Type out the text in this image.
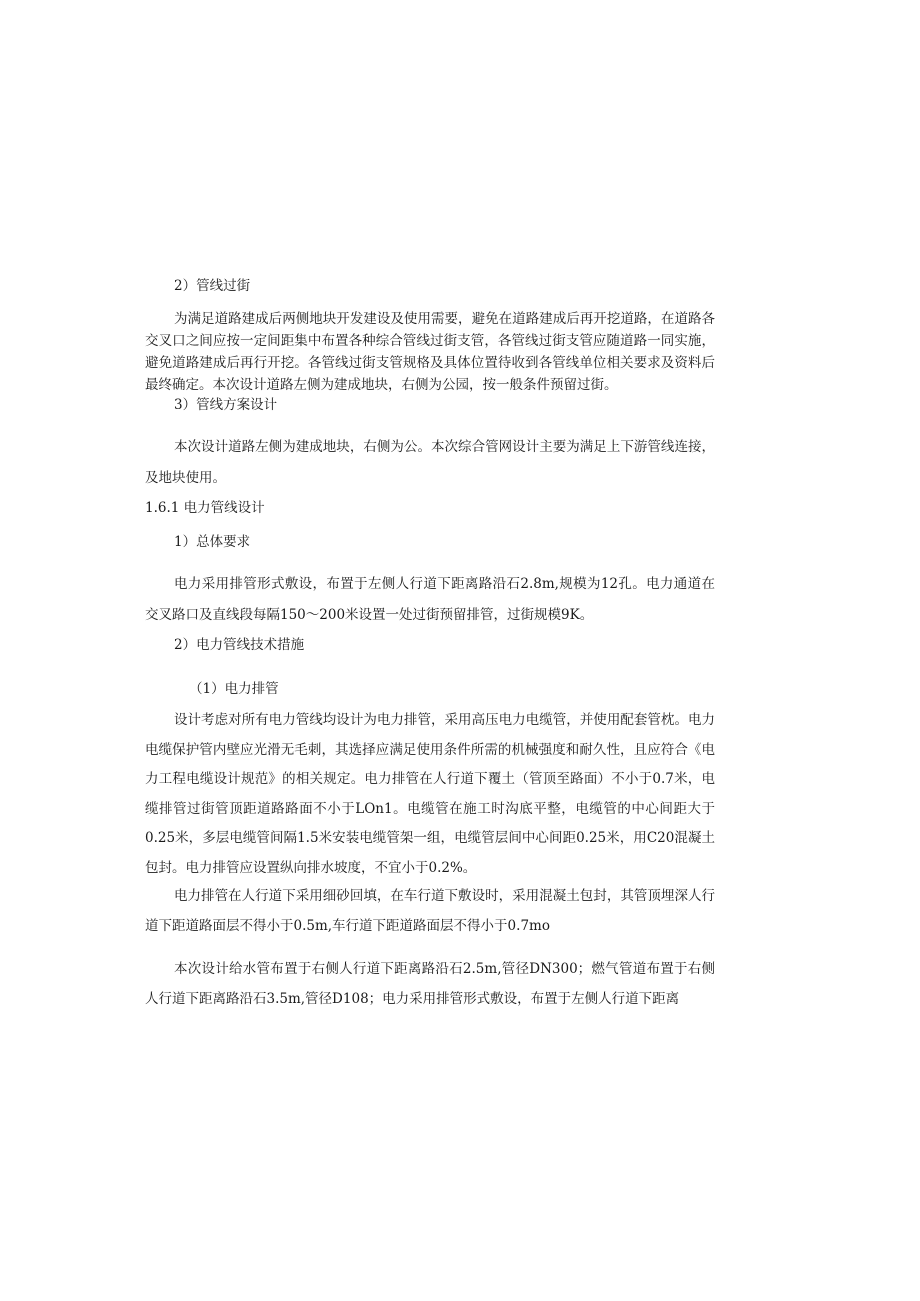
2）管线过街

为满足道路建成后两侧地块开发建设及使用需要，避免在道路建成后再开挖道路，在道路各交叉口之间应按一定间距集中布置各种综合管线过街支管，各管线过街支管应随道路一同实施，避免道路建成后再行开挖。各管线过街支管规格及具体位置待收到各管线单位相关要求及资料后最终确定。本次设计道路左侧为建成地块，右侧为公园，按一般条件预留过街。

3）管线方案设计

本次设计道路左侧为建成地块，右侧为公。本次综合管网设计主要为满足上下游管线连接，及地块使用。

1.6.1 电力管线设计

1）总体要求

电力采用排管形式敷设，布置于左侧人行道下距离路沿石2.8m,规模为12孔。电力通道在交叉路口及直线段每隔150～200米设置一处过街预留排管，过街规模9K。

2）电力管线技术措施

（1）电力排管

设计考虑对所有电力管线均设计为电力排管，采用高压电力电缆管，并使用配套管枕。电力电缆保护管内壁应光滑无毛刺，其选择应满足使用条件所需的机械强度和耐久性，且应符合《电力工程电缆设计规范》的相关规定。电力排管在人行道下覆土（管顶至路面）不小于0.7米，电缆排管过街管顶距道路路面不小于LOn1。电缆管在施工时沟底平整，电缆管的中心间距大于0.25米，多层电缆管间隔1.5米安装电缆管架一组，电缆管层间中心间距0.25米，用C20混凝土包封。电力排管应设置纵向排水坡度，不宜小于0.2%。

电力排管在人行道下采用细砂回填，在车行道下敷设时，采用混凝土包封，其管顶埋深人行道下距道路面层不得小于0.5m,车行道下距道路面层不得小于0.7mo

本次设计给水管布置于右侧人行道下距离路沿石2.5m,管径DN300；燃气管道布置于右侧人行道下距离路沿石3.5m,管径D108；电力采用排管形式敷设，布置于左侧人行道下距离
